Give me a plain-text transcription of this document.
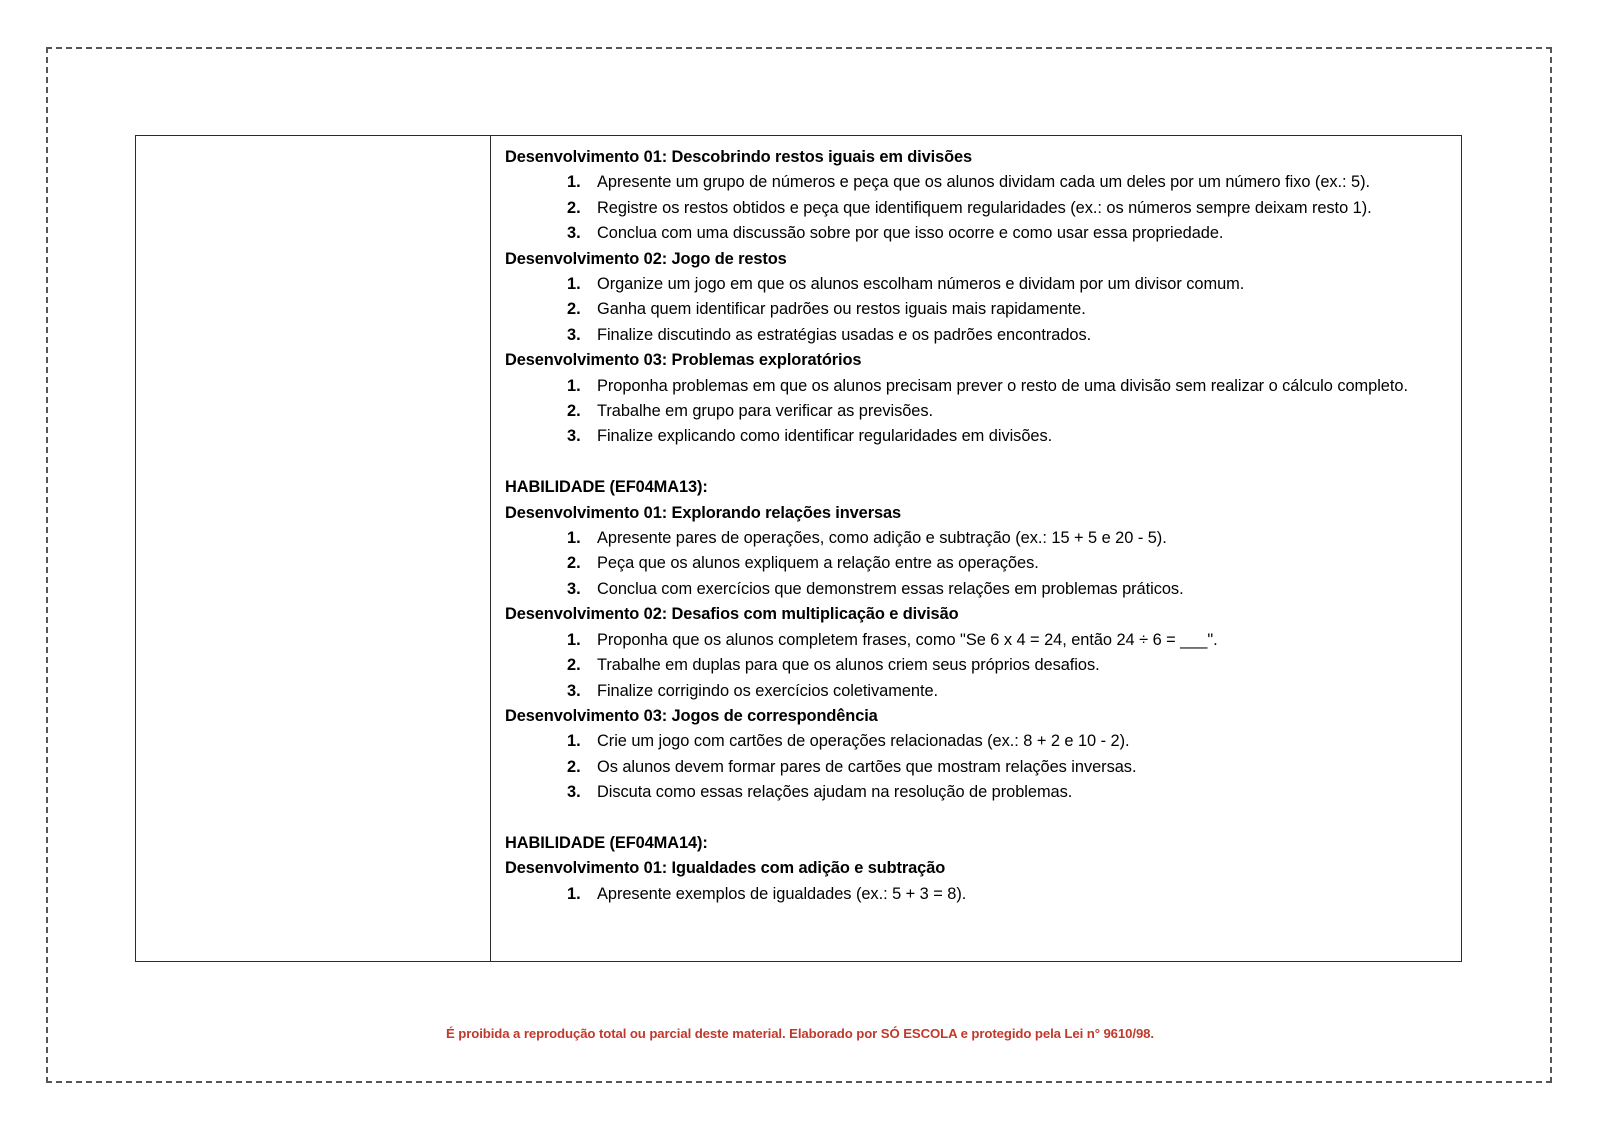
Desenvolvimento 01: Descobrindo restos iguais em divisões
Apresente um grupo de números e peça que os alunos dividam cada um deles por um número fixo (ex.: 5).
Registre os restos obtidos e peça que identifiquem regularidades (ex.: os números sempre deixam resto 1).
Conclua com uma discussão sobre por que isso ocorre e como usar essa propriedade.
Desenvolvimento 02: Jogo de restos
Organize um jogo em que os alunos escolham números e dividam por um divisor comum.
Ganha quem identificar padrões ou restos iguais mais rapidamente.
Finalize discutindo as estratégias usadas e os padrões encontrados.
Desenvolvimento 03: Problemas exploratórios
Proponha problemas em que os alunos precisam prever o resto de uma divisão sem realizar o cálculo completo.
Trabalhe em grupo para verificar as previsões.
Finalize explicando como identificar regularidades em divisões.
HABILIDADE (EF04MA13):
Desenvolvimento 01: Explorando relações inversas
Apresente pares de operações, como adição e subtração (ex.: 15 + 5 e 20 - 5).
Peça que os alunos expliquem a relação entre as operações.
Conclua com exercícios que demonstrem essas relações em problemas práticos.
Desenvolvimento 02: Desafios com multiplicação e divisão
Proponha que os alunos completem frases, como "Se 6 x 4 = 24, então 24 ÷ 6 = ___".
Trabalhe em duplas para que os alunos criem seus próprios desafios.
Finalize corrigindo os exercícios coletivamente.
Desenvolvimento 03: Jogos de correspondência
Crie um jogo com cartões de operações relacionadas (ex.: 8 + 2 e 10 - 2).
Os alunos devem formar pares de cartões que mostram relações inversas.
Discuta como essas relações ajudam na resolução de problemas.
HABILIDADE (EF04MA14):
Desenvolvimento 01: Igualdades com adição e subtração
Apresente exemplos de igualdades (ex.: 5 + 3 = 8).
É proibida a reprodução total ou parcial deste material. Elaborado por SÓ ESCOLA e protegido pela Lei n° 9610/98.
